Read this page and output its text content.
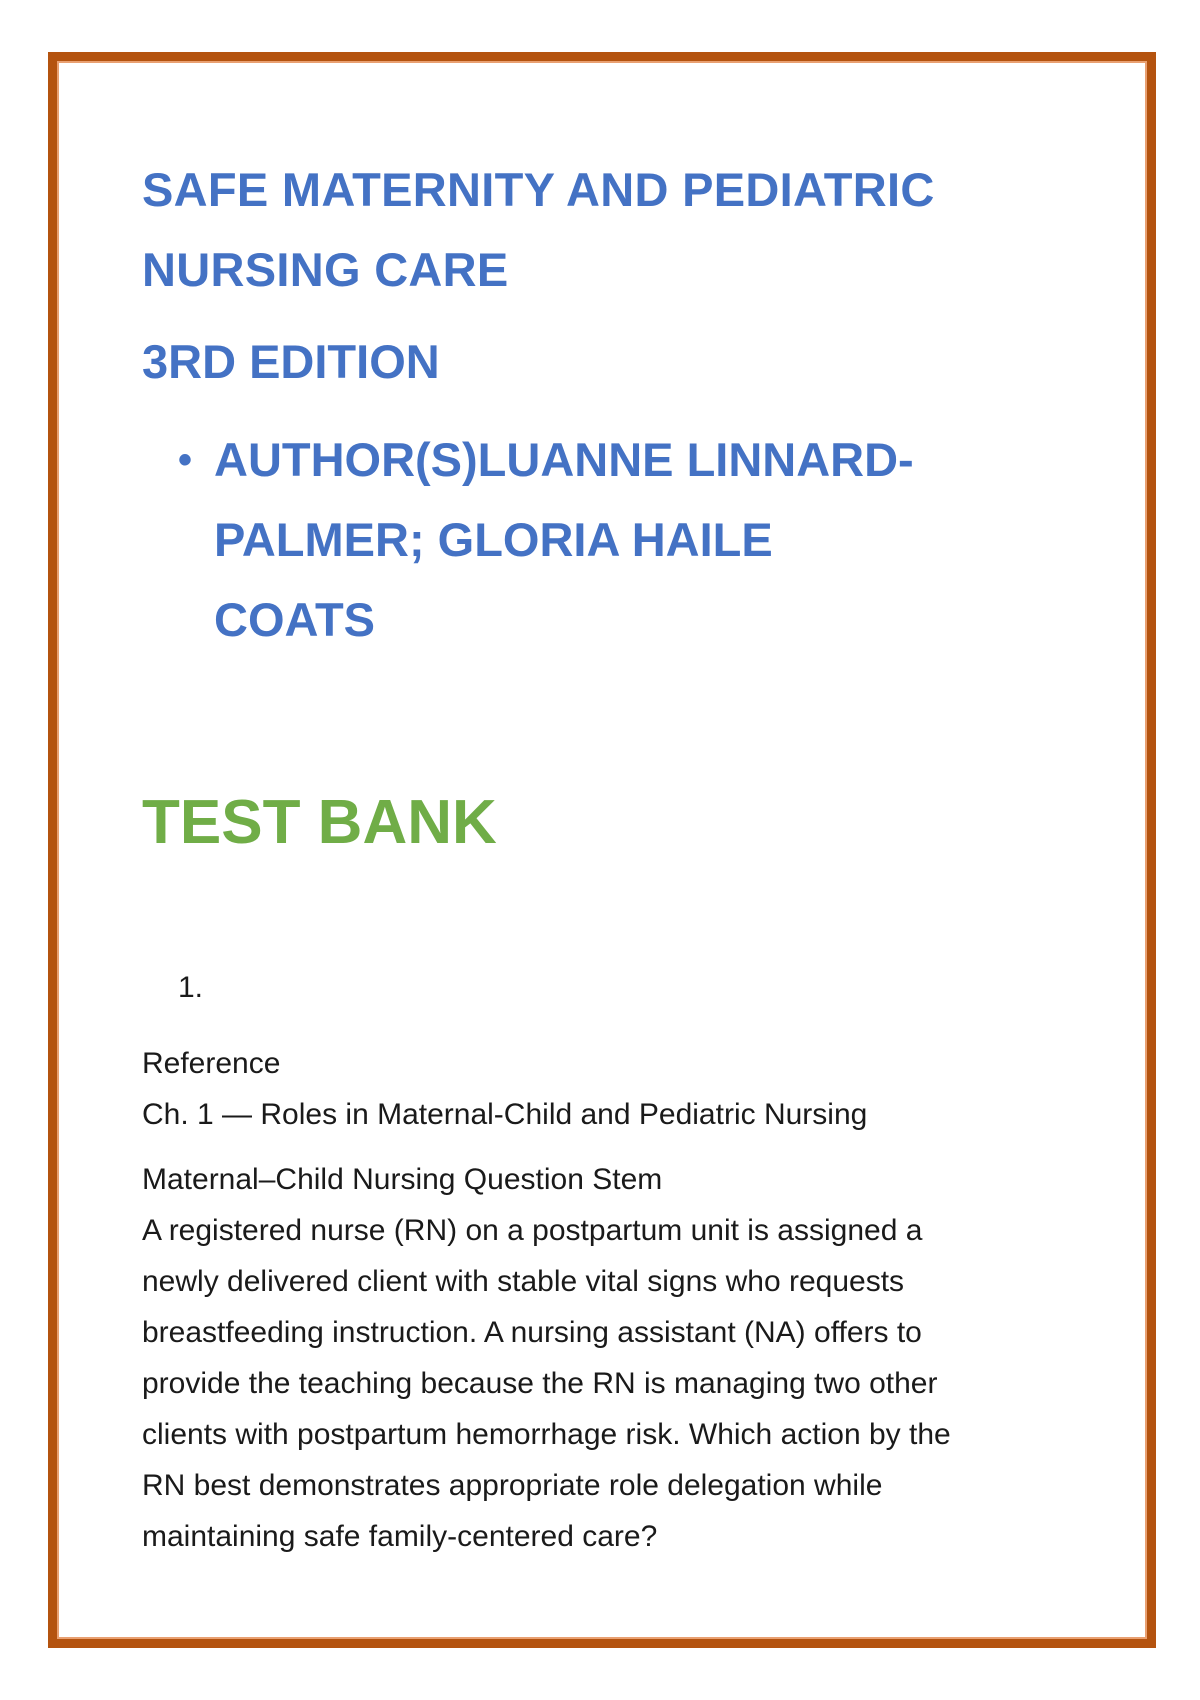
SAFE MATERNITY AND PEDIATRIC
NURSING CARE
3RD EDITION
• AUTHOR(S)LUANNE LINNARD-
PALMER; GLORIA HAILE COATS
TEST BANK
1.
Reference
Ch. 1 — Roles in Maternal-Child and Pediatric Nursing
Maternal–Child Nursing Question Stem
A registered nurse (RN) on a postpartum unit is assigned a
newly delivered client with stable vital signs who requests
breastfeeding instruction. A nursing assistant (NA) offers to
provide the teaching because the RN is managing two other
clients with postpartum hemorrhage risk. Which action by the
RN best demonstrates appropriate role delegation while
maintaining safe family-centered care?
